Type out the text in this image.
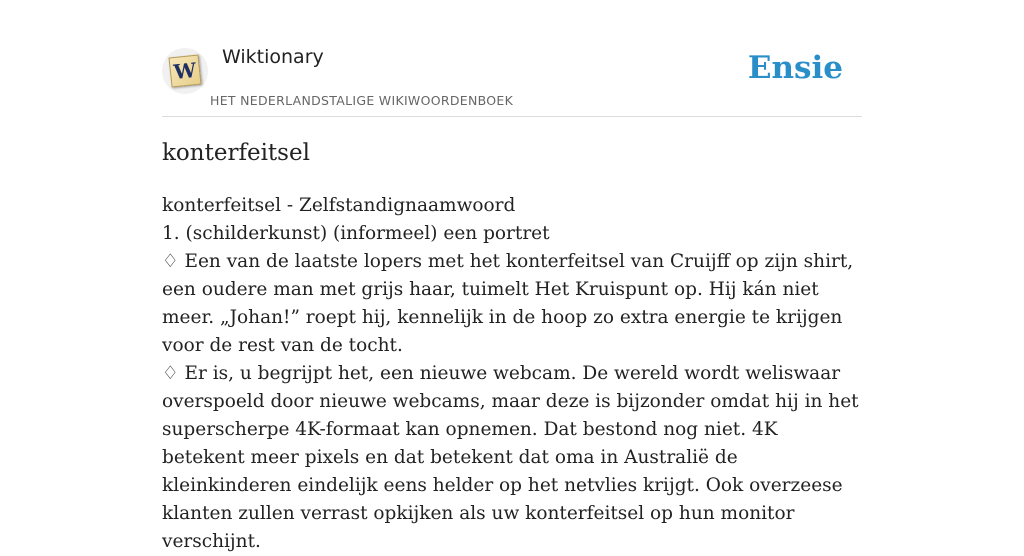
W
Wiktionary
HET NEDERLANDSTALIGE WIKIWOORDENBOEK
Ensie
konterfeitsel

konterfeitsel - Zelfstandignaamwoord

1. (schilderkunst) (informeel) een portret

♢ Een van de laatste lopers met het konterfeitsel van Cruijff op zijn shirt, een oudere man met grijs haar, tuimelt Het Kruispunt op. Hij kán niet meer. „Johan!” roept hij, kennelijk in de hoop zo extra energie te krijgen voor de rest van de tocht.

♢ Er is, u begrijpt het, een nieuwe webcam. De wereld wordt weliswaar overspoeld door nieuwe webcams, maar deze is bijzonder omdat hij in het superscherpe 4K-formaat kan opnemen. Dat bestond nog niet. 4K betekent meer pixels en dat betekent dat oma in Australië de kleinkinderen eindelijk eens helder op het netvlies krijgt. Ook overzeese klanten zullen verrast opkijken als uw konterfeitsel op hun monitor verschijnt.
